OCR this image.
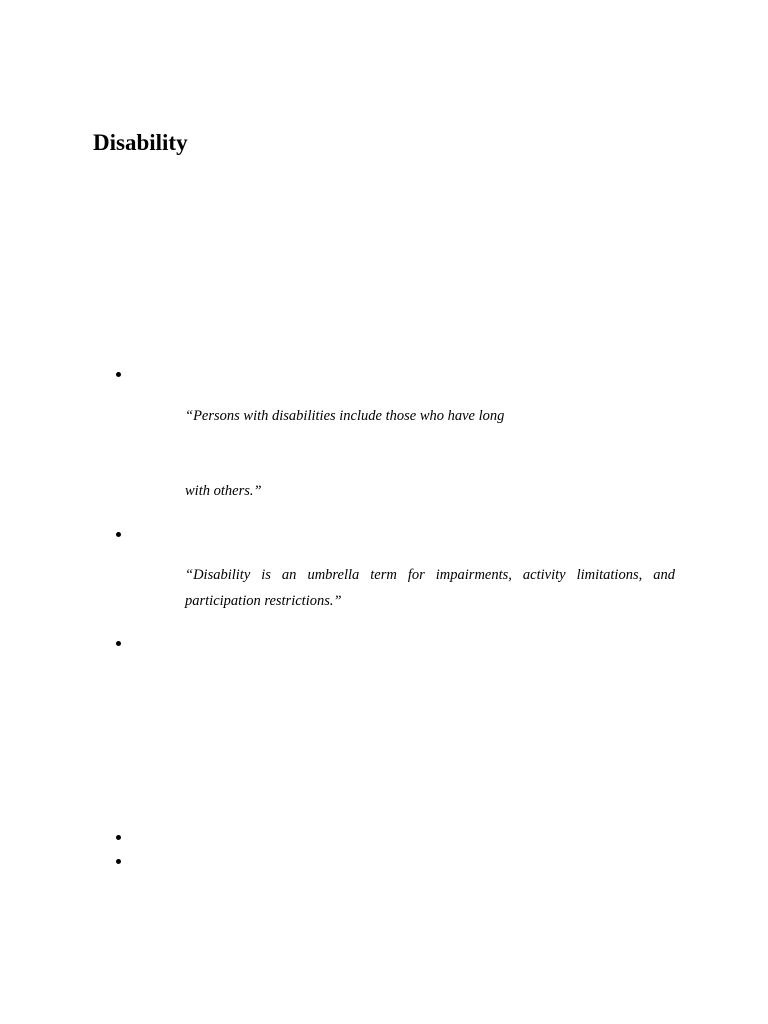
Disability

“Persons with disabilities include those who have long

with others.”

“Disability is an umbrella term for impairments, activity limitations, and participation restrictions.”
